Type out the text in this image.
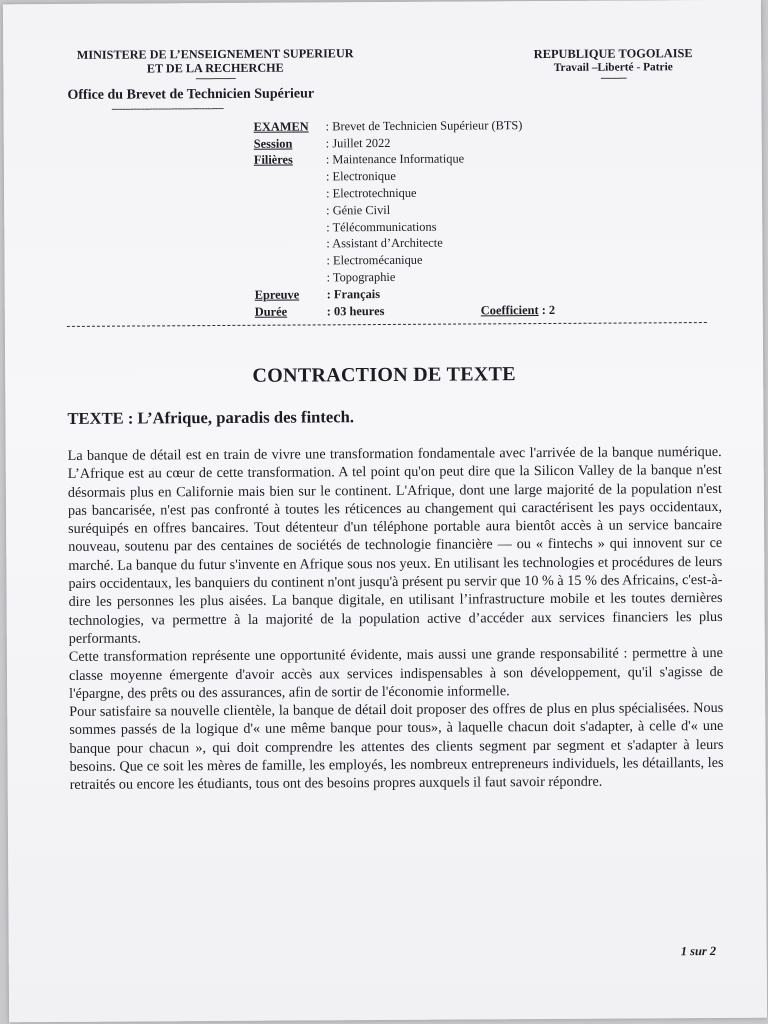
MINISTERE DE L’ENSEIGNEMENT SUPERIEUR
ET DE LA RECHERCHE
-----------------
REPUBLIQUE TOGOLAISE
Travail –Liberté - Patrie
-----------
Office du Brevet de Technicien Supérieur
-----------------------------------------
EXAMEN	: Brevet de Technicien Supérieur (BTS)
Session	: Juillet 2022
Filières	: Maintenance Informatique
: Electronique
: Electrotechnique
: Génie Civil
: Télécommunications
: Assistant d’Architecte
: Electromécanique
: Topographie
Epreuve	: Français
Durée	: 03 heures	Coefficient : 2
CONTRACTION DE TEXTE
TEXTE : L’Afrique, paradis des fintech.

La banque de détail est en train de vivre une transformation fondamentale avec l'arrivée de la banque numérique. L’Afrique est au cœur de cette transformation. A tel point qu'on peut dire que la Silicon Valley de la banque n'est désormais plus en Californie mais bien sur le continent. L'Afrique, dont une large majorité de la population n'est pas bancarisée, n'est pas confronté à toutes les réticences au changement qui caractérisent les pays occidentaux, suréquipés en offres bancaires. Tout détenteur d'un téléphone portable aura bientôt accès à un service bancaire nouveau, soutenu par des centaines de sociétés de technologie financière — ou « fintechs » qui innovent sur ce marché. La banque du futur s'invente en Afrique sous nos yeux. En utilisant les technologies et procédures de leurs pairs occidentaux, les banquiers du continent n'ont jusqu'à présent pu servir que 10 % à 15 % des Africains, c'est-à-dire les personnes les plus aisées. La banque digitale, en utilisant l’infrastructure mobile et les toutes dernières technologies, va permettre à la majorité de la population active d’accéder aux services financiers les plus performants.

Cette transformation représente une opportunité évidente, mais aussi une grande responsabilité : permettre à une classe moyenne émergente d'avoir accès aux services indispensables à son développement, qu'il s'agisse de l'épargne, des prêts ou des assurances, afin de sortir de l'économie informelle.

Pour satisfaire sa nouvelle clientèle, la banque de détail doit proposer des offres de plus en plus spécialisées. Nous sommes passés de la logique d'« une même banque pour tous», à laquelle chacun doit s'adapter, à celle d'« une banque pour chacun », qui doit comprendre les attentes des clients segment par segment et s'adapter à leurs besoins. Que ce soit les mères de famille, les employés, les nombreux entrepreneurs individuels, les détaillants, les retraités ou encore les étudiants, tous ont des besoins propres auxquels il faut savoir répondre.

1 sur 2
